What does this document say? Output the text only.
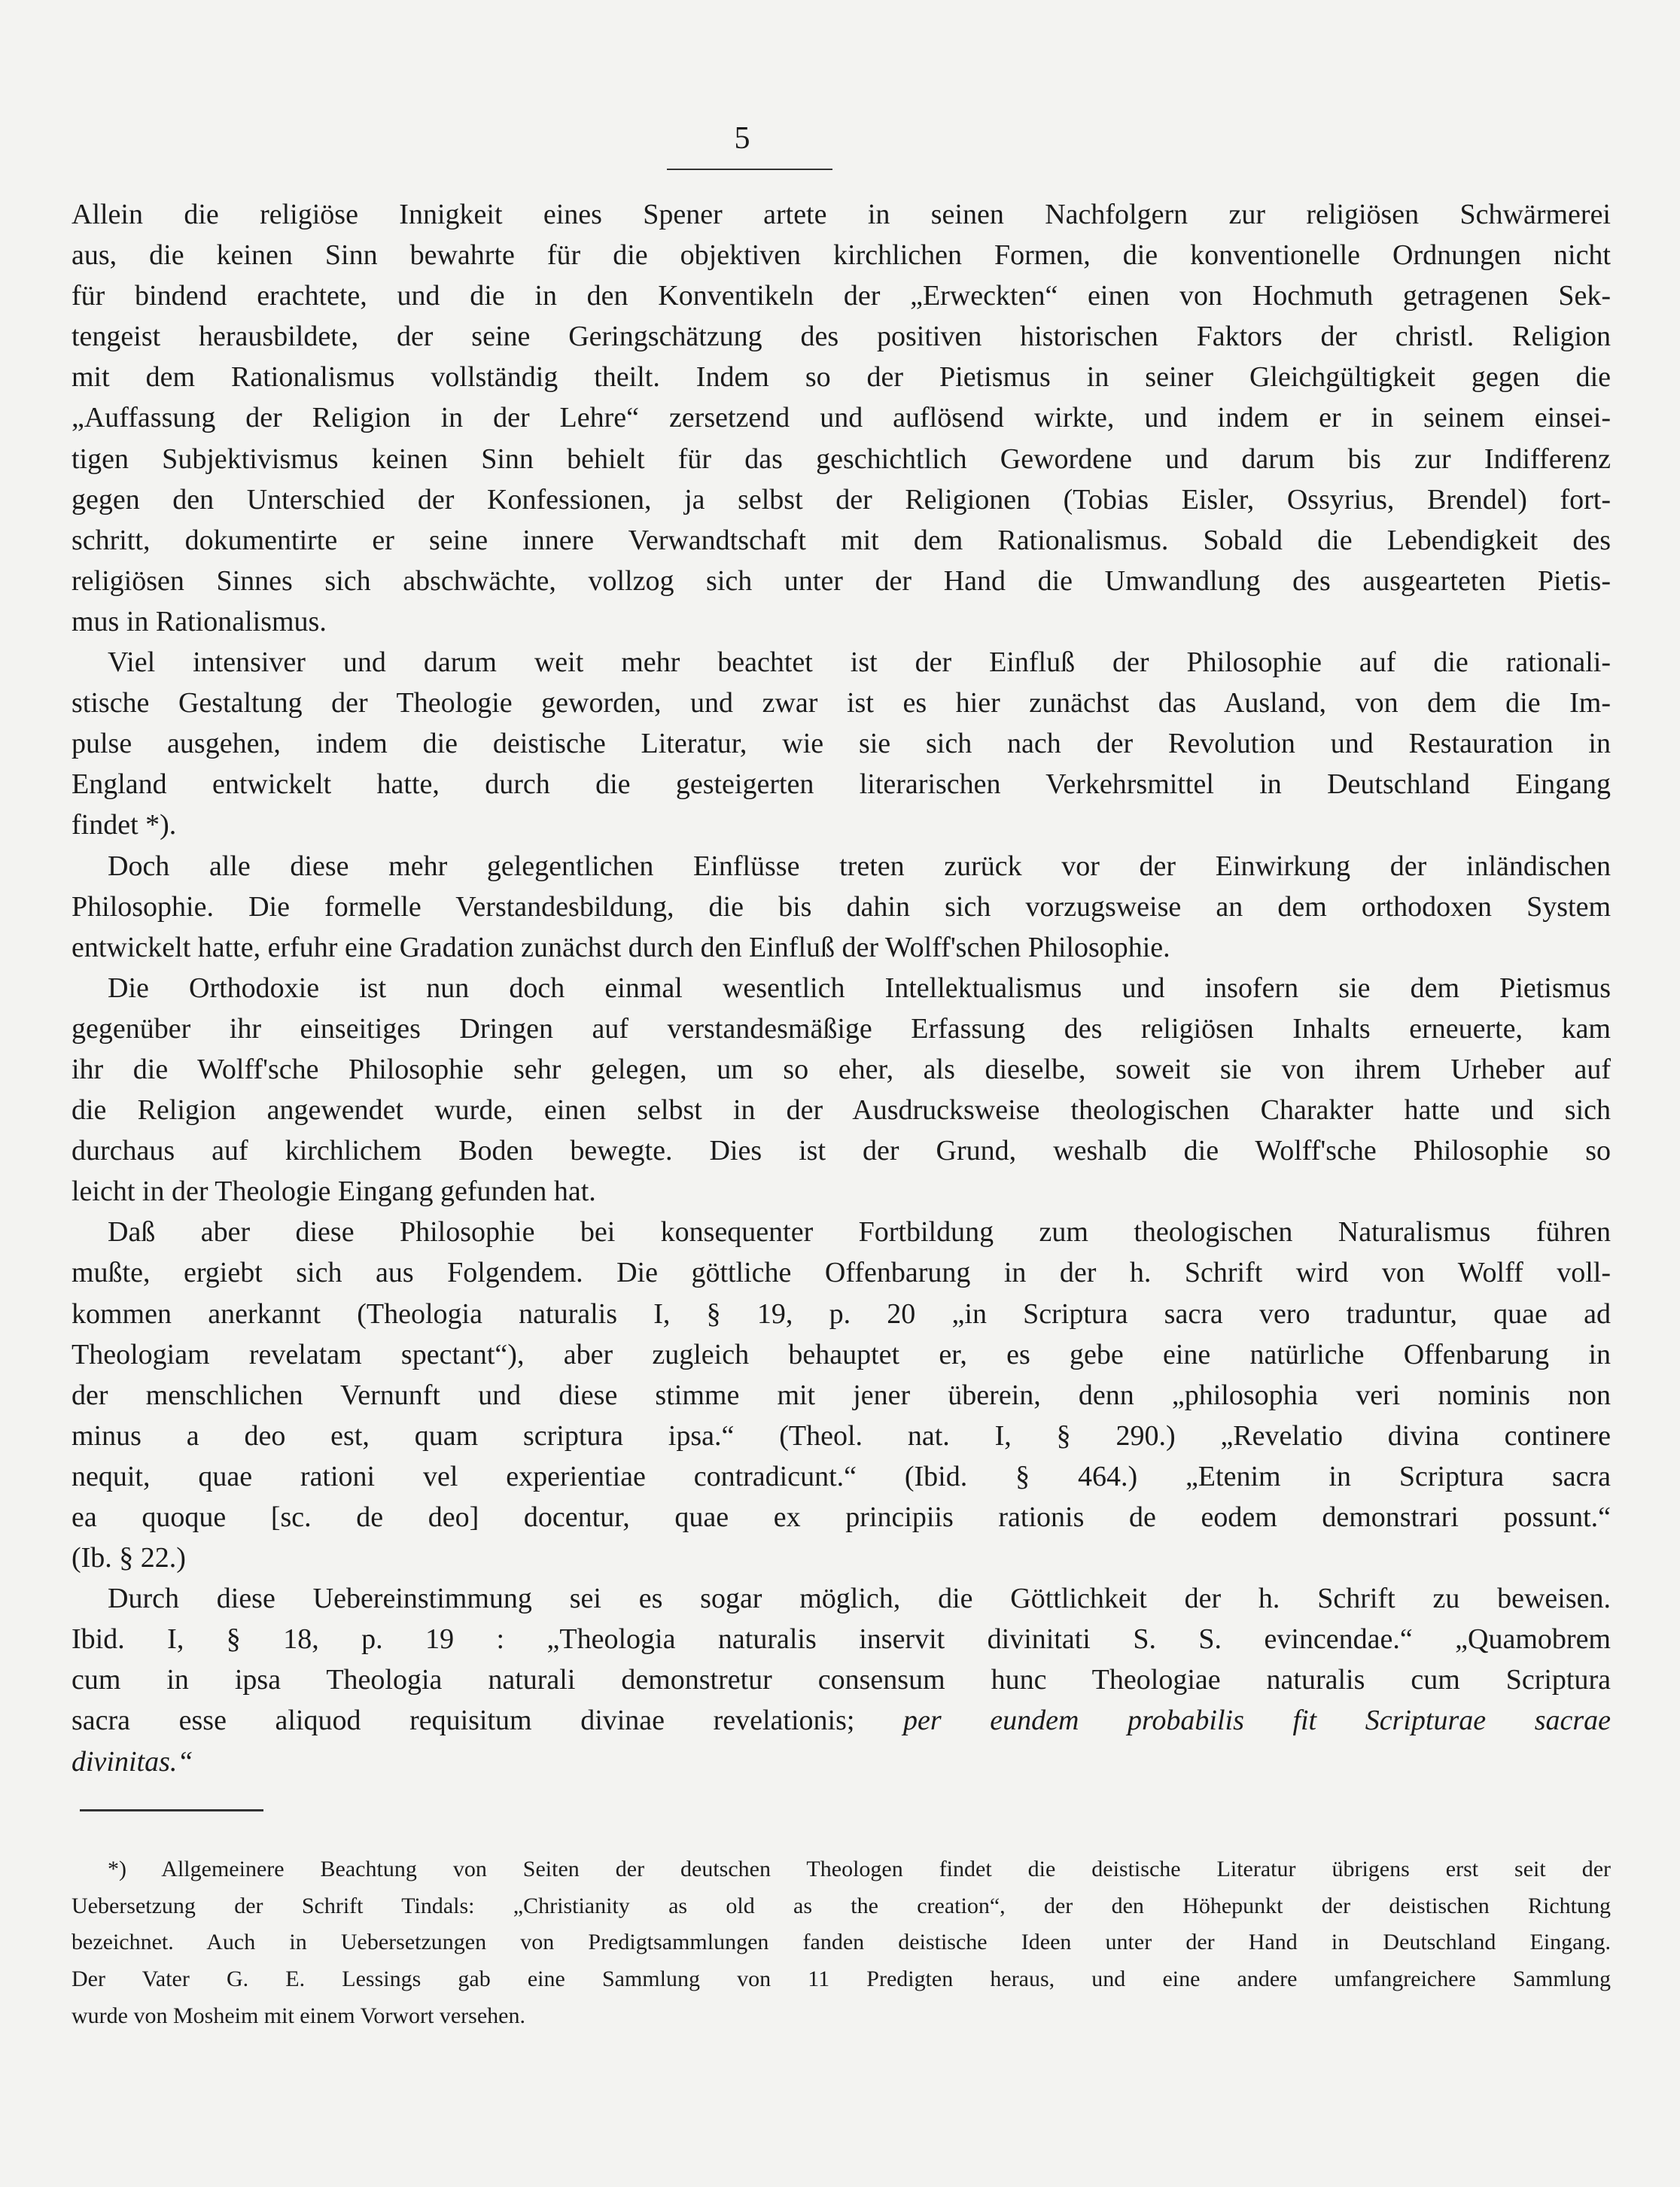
5
Allein die religiöse Innigkeit eines Spener artete in seinen Nachfolgern zur religiösen Schwärmerei
aus, die keinen Sinn bewahrte für die objektiven kirchlichen Formen, die konventionelle Ordnungen nicht
für bindend erachtete, und die in den Konventikeln der „Erweckten“ einen von Hochmuth getragenen Sek-
tengeist herausbildete, der seine Geringschätzung des positiven historischen Faktors der christl. Religion
mit dem Rationalismus vollständig theilt. Indem so der Pietismus in seiner Gleichgültigkeit gegen die
„Auffassung der Religion in der Lehre“ zersetzend und auflösend wirkte, und indem er in seinem einsei-
tigen Subjektivismus keinen Sinn behielt für das geschichtlich Gewordene und darum bis zur Indifferenz
gegen den Unterschied der Konfessionen, ja selbst der Religionen (Tobias Eisler, Ossyrius, Brendel) fort-
schritt, dokumentirte er seine innere Verwandtschaft mit dem Rationalismus. Sobald die Lebendigkeit des
religiösen Sinnes sich abschwächte, vollzog sich unter der Hand die Umwandlung des ausgearteten Pietis-
mus in Rationalismus.
Viel intensiver und darum weit mehr beachtet ist der Einfluß der Philosophie auf die rationali-
stische Gestaltung der Theologie geworden, und zwar ist es hier zunächst das Ausland, von dem die Im-
pulse ausgehen, indem die deistische Literatur, wie sie sich nach der Revolution und Restauration in
England entwickelt hatte, durch die gesteigerten literarischen Verkehrsmittel in Deutschland Eingang
findet *).
Doch alle diese mehr gelegentlichen Einflüsse treten zurück vor der Einwirkung der inländischen
Philosophie. Die formelle Verstandesbildung, die bis dahin sich vorzugsweise an dem orthodoxen System
entwickelt hatte, erfuhr eine Gradation zunächst durch den Einfluß der Wolff'schen Philosophie.
Die Orthodoxie ist nun doch einmal wesentlich Intellektualismus und insofern sie dem Pietismus
gegenüber ihr einseitiges Dringen auf verstandesmäßige Erfassung des religiösen Inhalts erneuerte, kam
ihr die Wolff'sche Philosophie sehr gelegen, um so eher, als dieselbe, soweit sie von ihrem Urheber auf
die Religion angewendet wurde, einen selbst in der Ausdrucksweise theologischen Charakter hatte und sich
durchaus auf kirchlichem Boden bewegte. Dies ist der Grund, weshalb die Wolff'sche Philosophie so
leicht in der Theologie Eingang gefunden hat.
Daß aber diese Philosophie bei konsequenter Fortbildung zum theologischen Naturalismus führen
mußte, ergiebt sich aus Folgendem. Die göttliche Offenbarung in der h. Schrift wird von Wolff voll-
kommen anerkannt (Theologia naturalis I, § 19, p. 20 „in Scriptura sacra vero traduntur, quae ad
Theologiam revelatam spectant“), aber zugleich behauptet er, es gebe eine natürliche Offenbarung in
der menschlichen Vernunft und diese stimme mit jener überein, denn „philosophia veri nominis non
minus a deo est, quam scriptura ipsa.“ (Theol. nat. I, § 290.) „Revelatio divina continere
nequit, quae rationi vel experientiae contradicunt.“ (Ibid. § 464.) „Etenim in Scriptura sacra
ea quoque [sc. de deo] docentur, quae ex principiis rationis de eodem demonstrari possunt.“
(Ib. § 22.)
Durch diese Uebereinstimmung sei es sogar möglich, die Göttlichkeit der h. Schrift zu beweisen.
Ibid. I, § 18, p. 19 : „Theologia naturalis inservit divinitati S. S. evincendae.“ „Quamobrem
cum in ipsa Theologia naturali demonstretur consensum hunc Theologiae naturalis cum Scriptura
sacra esse aliquod requisitum divinae revelationis; per eundem probabilis fit Scripturae sacrae
divinitas.“
*) Allgemeinere Beachtung von Seiten der deutschen Theologen findet die deistische Literatur übrigens erst seit der
Uebersetzung der Schrift Tindals: „Christianity as old as the creation“, der den Höhepunkt der deistischen Richtung
bezeichnet. Auch in Uebersetzungen von Predigtsammlungen fanden deistische Ideen unter der Hand in Deutschland Eingang.
Der Vater G. E. Lessings gab eine Sammlung von 11 Predigten heraus, und eine andere umfangreichere Sammlung
wurde von Mosheim mit einem Vorwort versehen.
